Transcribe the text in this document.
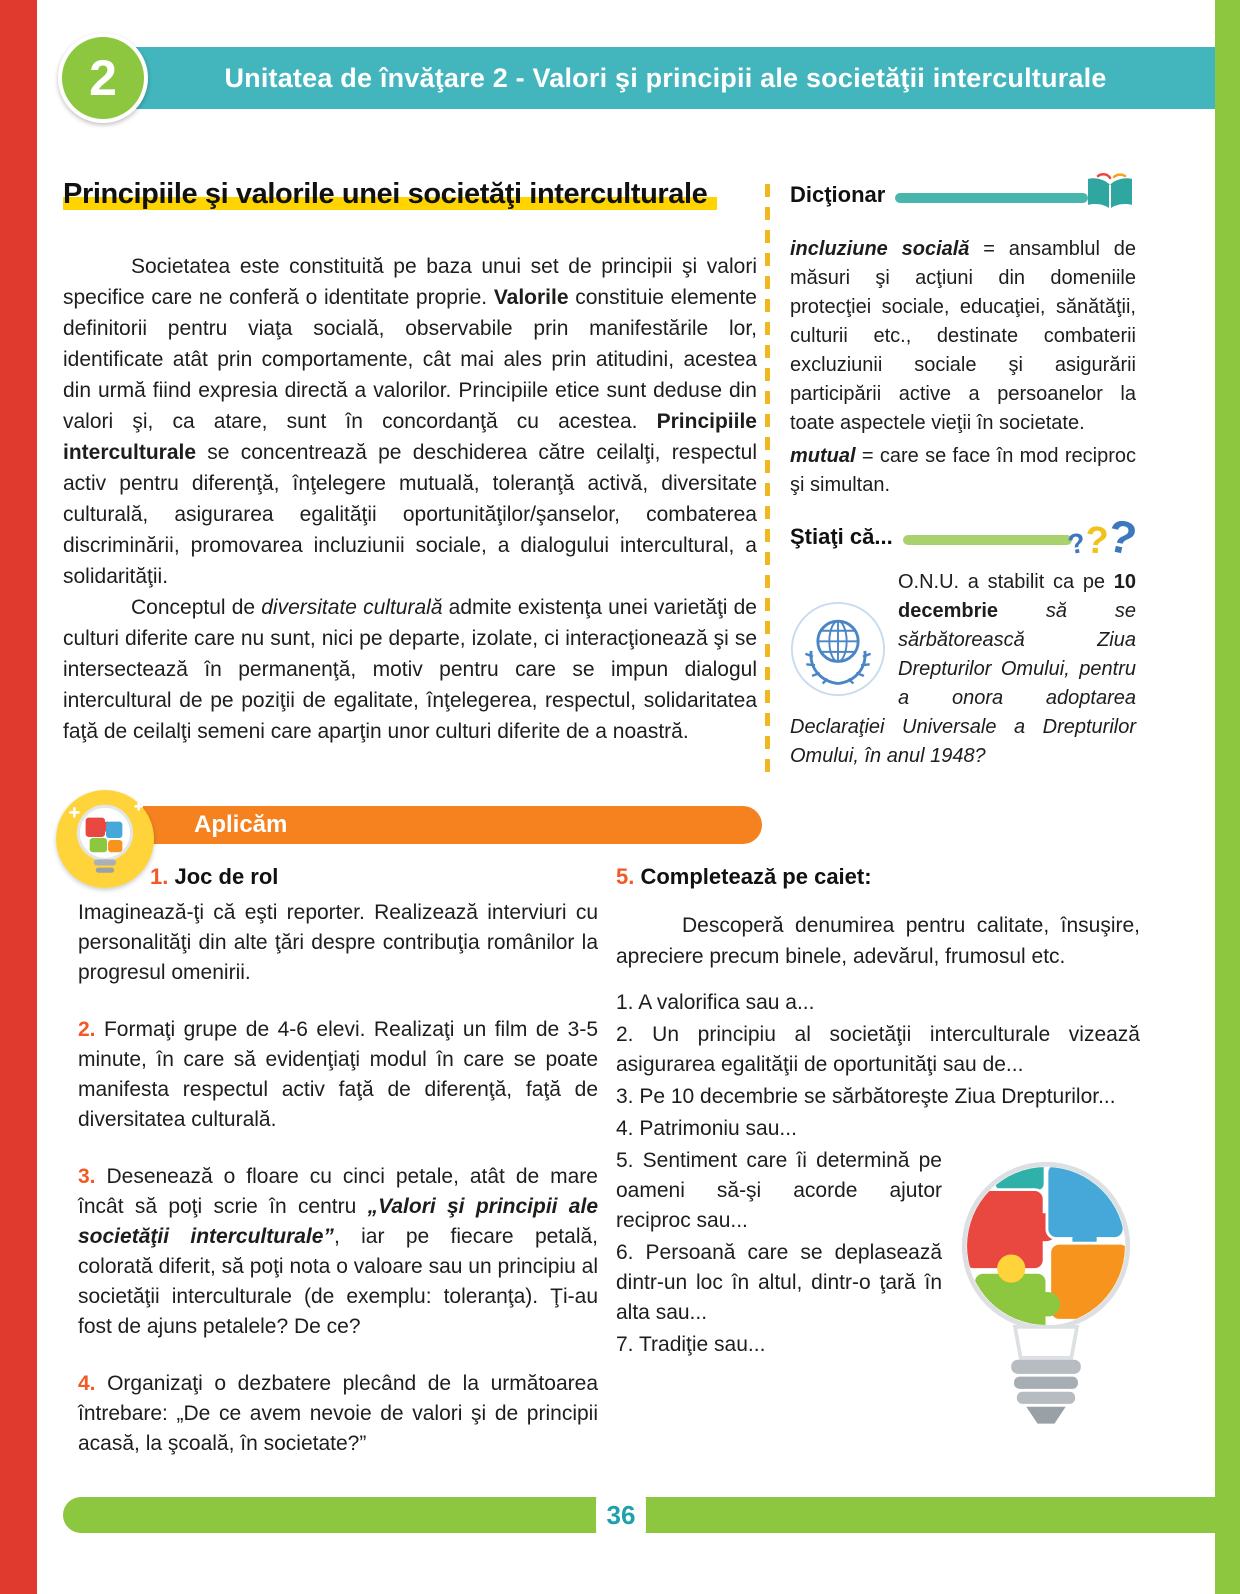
Unitatea de învăţare 2 - Valori şi principii ale societăţii interculturale
2
Principiile şi valorile unei societăţi interculturale

Societatea este constituită pe baza unui set de principii şi valori specifice care ne conferă o identitate proprie. Valorile constituie elemente definitorii pentru viaţa socială, observabile prin manifestările lor, identificate atât prin comportamente, cât mai ales prin atitudini, acestea din urmă fiind expresia directă a valorilor. Principiile etice sunt deduse din valori şi, ca atare, sunt în concordanţă cu acestea. Principiile interculturale se concentrează pe deschiderea către ceilalţi, respectul activ pentru diferenţă, înţelegere mutuală, toleranţă activă, diversitate culturală, asigurarea egalităţii oportunităţilor/şanselor, combaterea discriminării, promovarea incluziunii sociale, a dialogului intercultural, a solidarităţii.

Conceptul de diversitate culturală admite existenţa unei varietăţi de culturi diferite care nu sunt, nici pe departe, izolate, ci interacţionează şi se intersectează în permanenţă, motiv pentru care se impun dialogul intercultural de pe poziţii de egalitate, înţelegerea, respectul, solidaritatea faţă de ceilalţi semeni care aparţin unor culturi diferite de a noastră.

Dicţionar

incluziune socială = ansamblul de măsuri şi acţiuni din domeniile protecţiei sociale, educaţiei, sănătăţii, culturii etc., destinate combaterii excluziunii sociale şi asigurării participării active a persoanelor la toate aspectele vieţii în societate.

mutual = care se face în mod reciproc şi simultan.

Ştiaţi că...	???

O.N.U. a stabilit ca pe 10 decembrie să se sărbătorească Ziua Drepturilor Omului, pentru a onora adoptarea Declaraţiei Universale a Drepturilor Omului, în anul 1948?

Aplicăm
1. Joc de rol

Imaginează-ţi că eşti reporter. Realizează interviuri cu personalităţi din alte ţări despre contribuţia românilor la progresul omenirii.

2. Formaţi grupe de 4-6 elevi. Realizaţi un film de 3-5 minute, în care să evidenţiaţi modul în care se poate manifesta respectul activ faţă de diferenţă, faţă de diversitatea culturală.

3. Desenează o floare cu cinci petale, atât de mare încât să poţi scrie în centru „Valori şi principii ale societăţii interculturale”, iar pe fiecare petală, colorată diferit, să poţi nota o valoare sau un principiu al societăţii interculturale (de exemplu: toleranţa). Ţi-au fost de ajuns petalele? De ce?

4. Organizaţi o dezbatere plecând de la următoarea întrebare: „De ce avem nevoie de valori şi de principii acasă, la şcoală, în societate?”

5. Completează pe caiet:

Descoperă denumirea pentru calitate, însuşire, apreciere precum binele, adevărul, frumosul etc.

1. A valorifica sau a...

2. Un principiu al societăţii interculturale vizează asigurarea egalităţii de oportunităţi sau de...

3. Pe 10 decembrie se sărbătoreşte Ziua Drepturilor...

4. Patrimoniu sau...

5. Sentiment care îi determină pe oameni să-şi acorde ajutor reciproc sau...

6. Persoană care se deplasează dintr-un loc în altul, dintr-o ţară în alta sau...

7. Tradiţie sau...

36
